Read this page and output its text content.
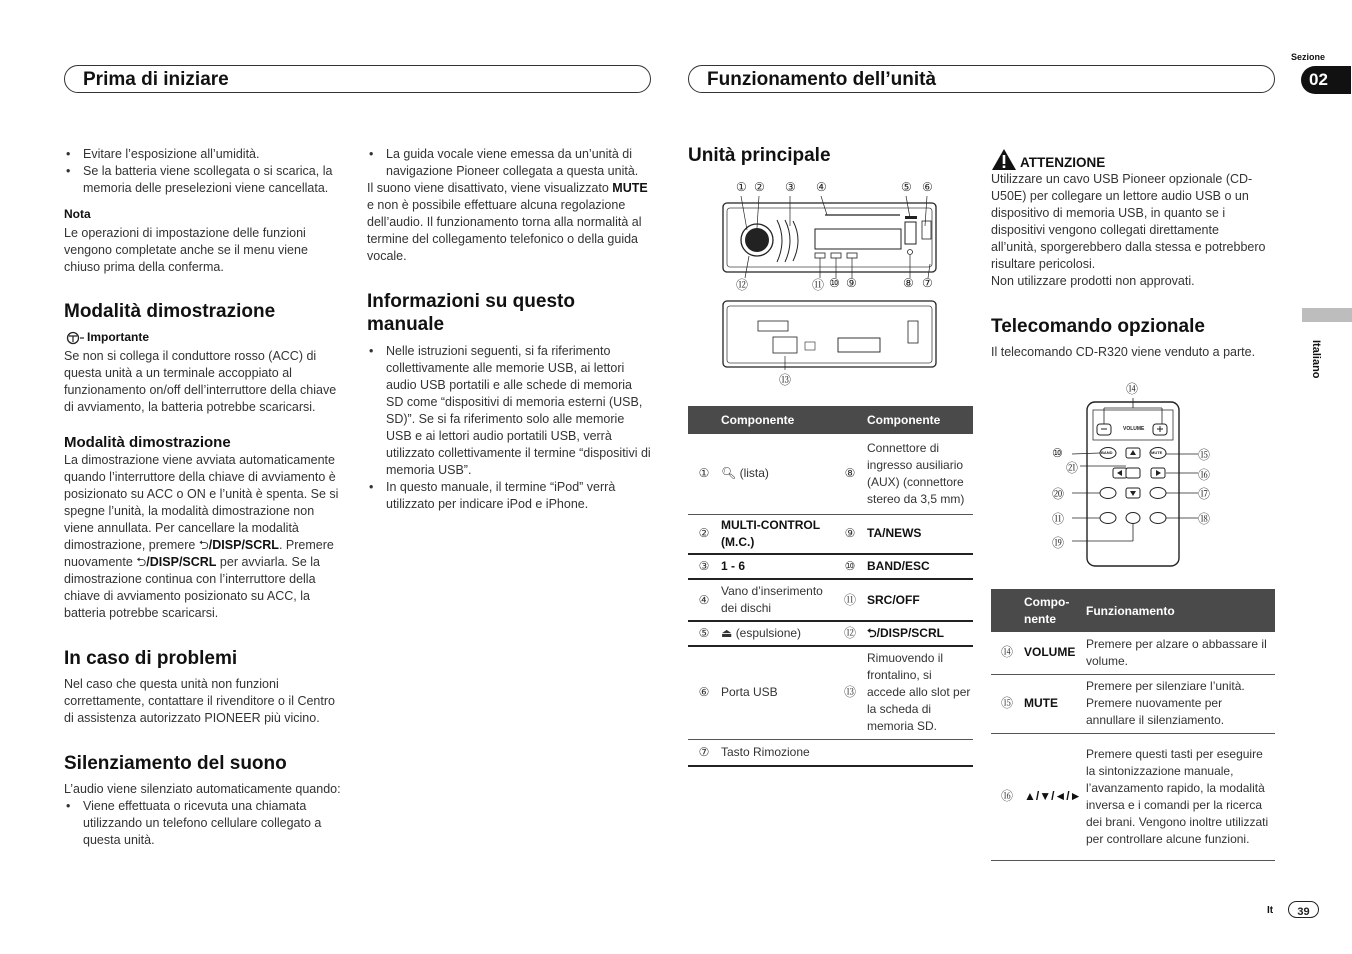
Prima di iniziare	Funzionamento dell’unità
Sezione
02
Italiano

• Evitare l’esposizione all’umidità.

• Se la batteria viene scollegata o si scarica, la memoria delle preselezioni viene cancellata.

Nota

Le operazioni di impostazione delle funzioni vengono completate anche se il menu viene chiuso prima della conferma.

Modalità dimostrazione
Importante

Se non si collega il conduttore rosso (ACC) di questa unità a un terminale accoppiato al funzionamento on/off dell’interruttore della chiave di avviamento, la batteria potrebbe scaricarsi.

Modalità dimostrazione

La dimostrazione viene avviata automaticamente quando l’interruttore della chiave di avviamento è posizionato su ACC o ON e l’unità è spenta. Se si spegne l’unità, la modalità dimostrazione non viene annullata. Per cancellare la modalità dimostrazione, premere ⮌/DISP/SCRL. Premere nuovamente ⮌/DISP/SCRL per avviarla. Se la dimostrazione continua con l’interruttore della chiave di avviamento posizionato su ACC, la batteria potrebbe scaricarsi.

In caso di problemi

Nel caso che questa unità non funzioni correttamente, contattare il rivenditore o il Centro di assistenza autorizzato PIONEER più vicino.

Silenziamento del suono

L’audio viene silenziato automaticamente quando:

• Viene effettuata o ricevuta una chiamata utilizzando un telefono cellulare collegato a questa unità.

• La guida vocale viene emessa da un’unità di navigazione Pioneer collegata a questa unità.

Il suono viene disattivato, viene visualizzato MUTE e non è possibile effettuare alcuna regolazione dell’audio. Il funzionamento torna alla normalità al termine del collegamento telefonico o della guida vocale.

Informazioni su questo manuale

• Nelle istruzioni seguenti, si fa riferimento collettivamente alle memorie USB, ai lettori audio USB portatili e alle schede di memoria SD come “dispositivi di memoria esterni (USB, SD)”. Se si fa riferimento solo alle memorie USB e ai lettori audio portatili USB, verrà utilizzato collettivamente il termine “dispositivi di memoria USB”.

• In questo manuale, il termine “iPod” verrà utilizzato per indicare iPod e iPhone.

Unità principale
① ② ③ ④	⑤ ⑥
⑫	⑪ ⑩ ⑨	⑧ ⑦
⑬
	Componente		Componente
①	🔍︎ (lista)	⑧	Connettore di ingresso ausiliario (AUX) (connettore stereo da 3,5 mm)
②	MULTI-CONTROL (M.C.)	⑨	TA/NEWS
③	1 - 6	⑩	BAND/ESC
④	Vano d’inserimento dei dischi	⑪	SRC/OFF
⑤	⏏ (espulsione)	⑫	⮌/DISP/SCRL
⑥	Porta USB	⑬	Rimuovendo il frontalino, si accede allo slot per la scheda di memoria SD.
⑦	Tasto Rimozione		
ATTENZIONE

Utilizzare un cavo USB Pioneer opzionale (CD-U50E) per collegare un lettore audio USB o un dispositivo di memoria USB, in quanto se i dispositivi vengono collegati direttamente all’unità, sporgerebbero dalla stessa e potrebbero risultare pericolosi.

Non utilizzare prodotti non approvati.

Telecomando opzionale

Il telecomando CD-R320 viene venduto a parte.

VOLUME
BAND	MUTE
⑭
⑩
㉑
⑳
⑪
⑲
⑮
⑯
⑰
⑱
	Compo-nente	Funzionamento
⑭	VOLUME	Premere per alzare o abbassare il volume.
⑮	MUTE	Premere per silenziare l’unità. Premere nuovamente per annullare il silenziamento.
⑯	▲/▼/◄/►	Premere questi tasti per eseguire la sintonizzazione manuale, l’avanzamento rapido, la modalità inversa e i comandi per la ricerca dei brani. Vengono inoltre utilizzati per controllare alcune funzioni.
It	39
